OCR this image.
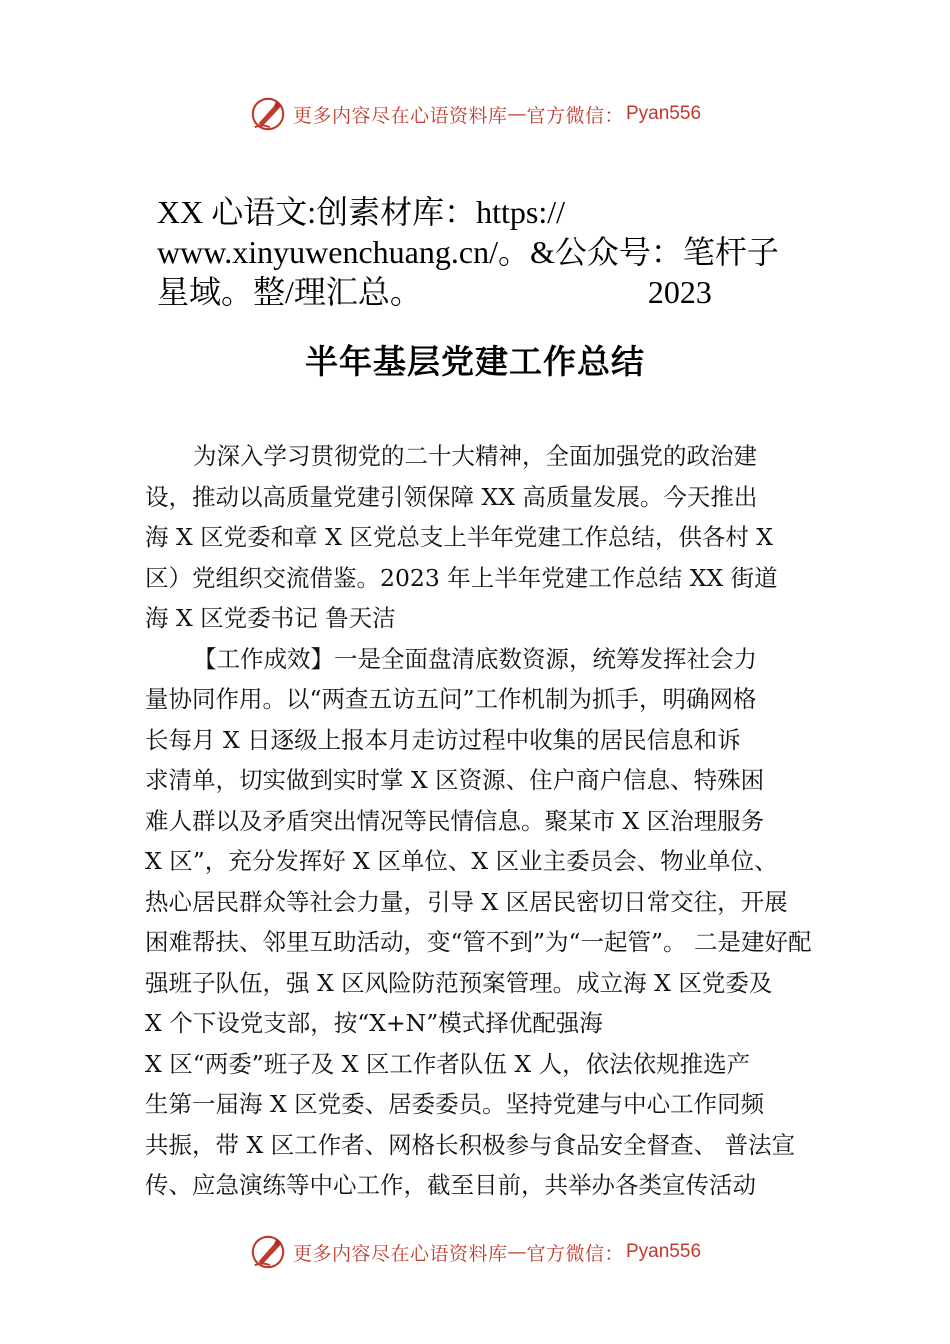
更多内容尽在心语资料库 — 官方微信： Pyan556
XX 心语文:创素材库：https://
www.xinyuwenchuang.cn/。&公众号：笔杆子
星域。整/理汇总。	2023
半年基层党建工作总结
为深入学习贯彻党的二十大精神，全面加强党的政治建
设，推动以高质量党建引领保障 XX 高质量发展。今天推出
海 X 区党委和章 X 区党总支上半年党建工作总结，供各村 X
区）党组织交流借鉴。2023 年上半年党建工作总结 XX 街道
海 X 区党委书记 鲁天洁
【工作成效】一是全面盘清底数资源，统筹发挥社会力
量协同作用。以“两查五访五问”工作机制为抓手，明确网格
长每月 X 日逐级上报本月走访过程中收集的居民信息和诉
求清单，切实做到实时掌 X 区资源、住户商户信息、特殊困
难人群以及矛盾突出情况等民情信息。聚某市 X 区治理服务
X 区”，充分发挥好 X 区单位、X 区业主委员会、物业单位、
热心居民群众等社会力量，引导 X 区居民密切日常交往，开展
困难帮扶、邻里互助活动，变“管不到”为“一起管”。 二是建好配
强班子队伍，强 X 区风险防范预案管理。成立海 X 区党委及
X 个下设党支部，按“X+N”模式择优配强海
X 区“两委”班子及 X 区工作者队伍 X 人，依法依规推选产
生第一届海 X 区党委、居委委员。坚持党建与中心工作同频
共振，带 X 区工作者、网格长积极参与食品安全督查、 普法宣
传、应急演练等中心工作，截至目前，共举办各类宣传活动
更多内容尽在心语资料库 — 官方微信： Pyan556
